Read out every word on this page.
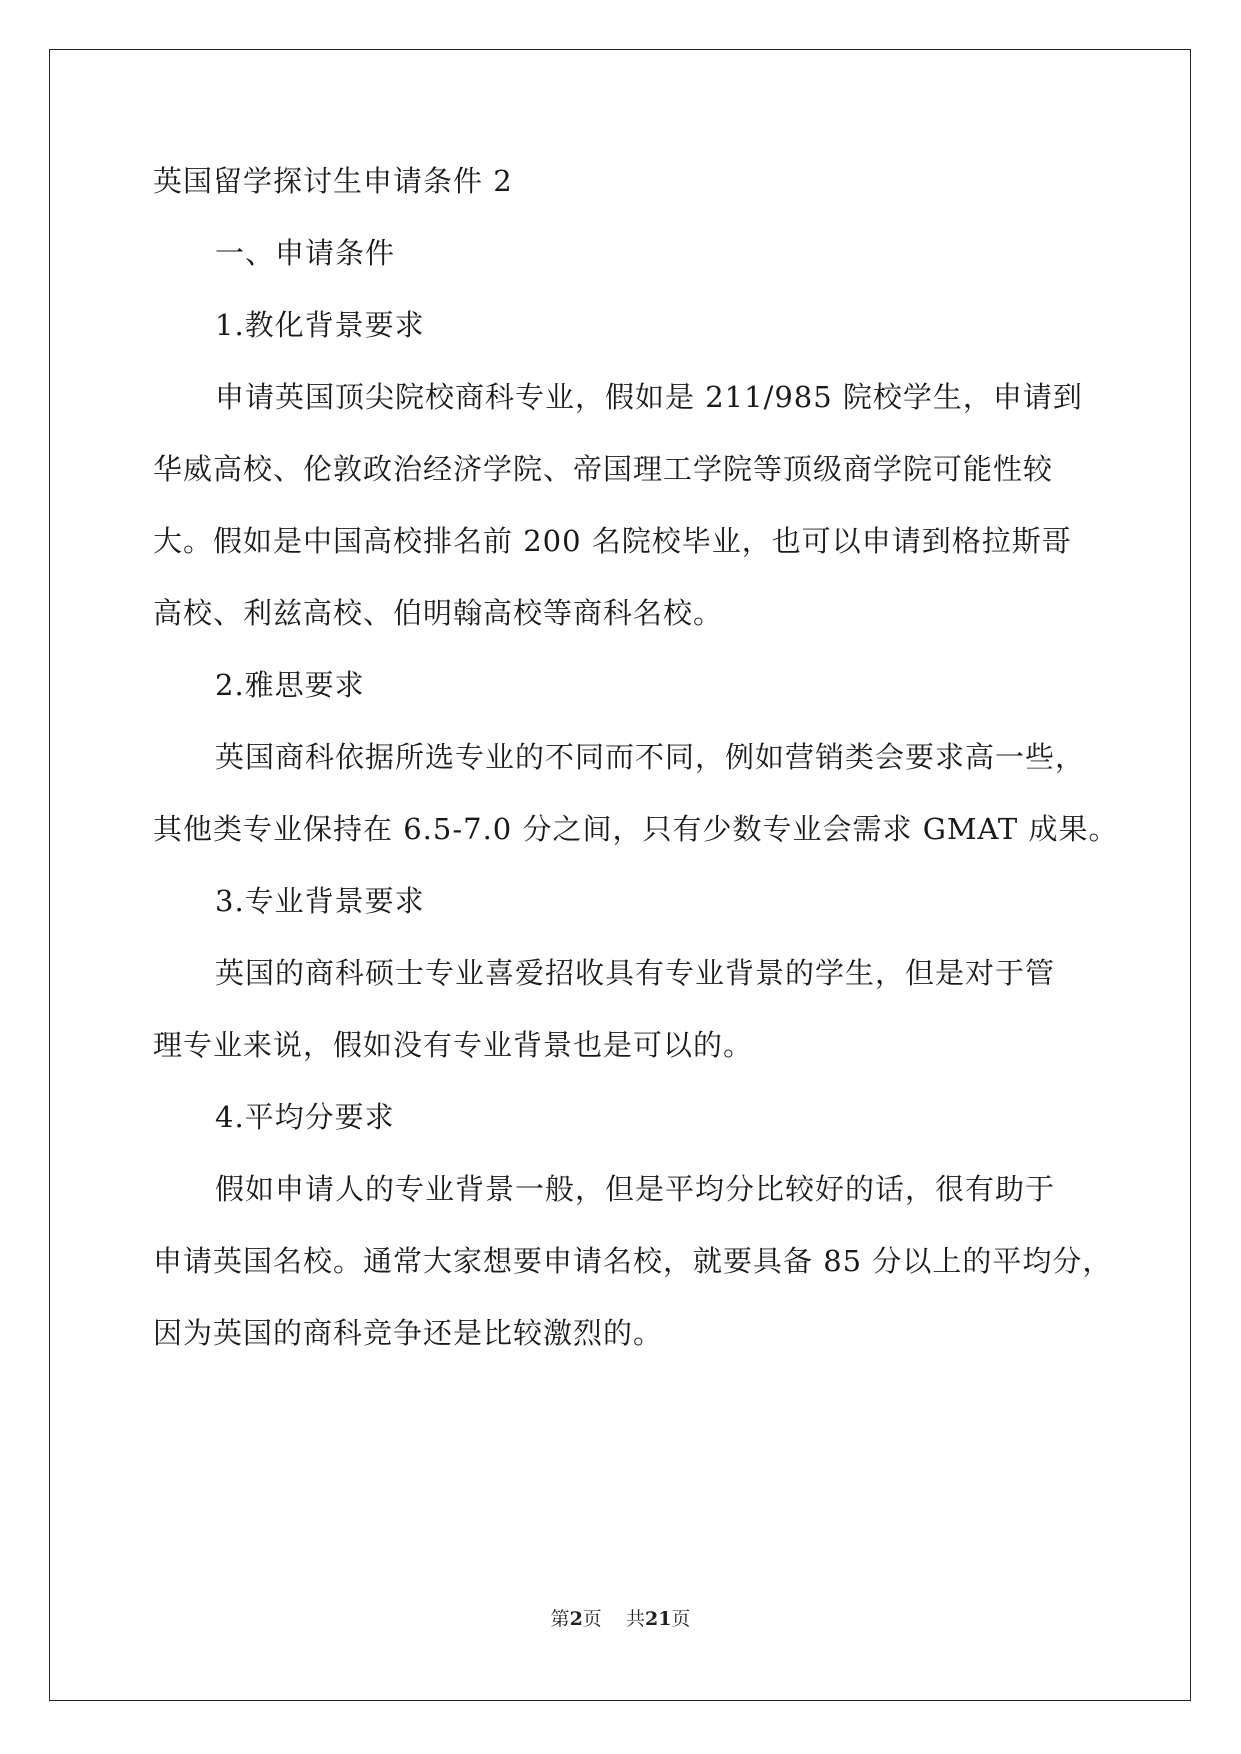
英国留学探讨生申请条件 2
一、申请条件
1.教化背景要求
申请英国顶尖院校商科专业，假如是 211/985 院校学生，申请到
华威高校、伦敦政治经济学院、帝国理工学院等顶级商学院可能性较
大。假如是中国高校排名前 200 名院校毕业，也可以申请到格拉斯哥
高校、利兹高校、伯明翰高校等商科名校。
2.雅思要求
英国商科依据所选专业的不同而不同，例如营销类会要求高一些，
其他类专业保持在 6.5-7.0 分之间，只有少数专业会需求 GMAT 成果。
3.专业背景要求
英国的商科硕士专业喜爱招收具有专业背景的学生，但是对于管
理专业来说，假如没有专业背景也是可以的。
4.平均分要求
假如申请人的专业背景一般，但是平均分比较好的话，很有助于
申请英国名校。通常大家想要申请名校，就要具备 85 分以上的平均分，
因为英国的商科竞争还是比较激烈的。
第2页    共21页
